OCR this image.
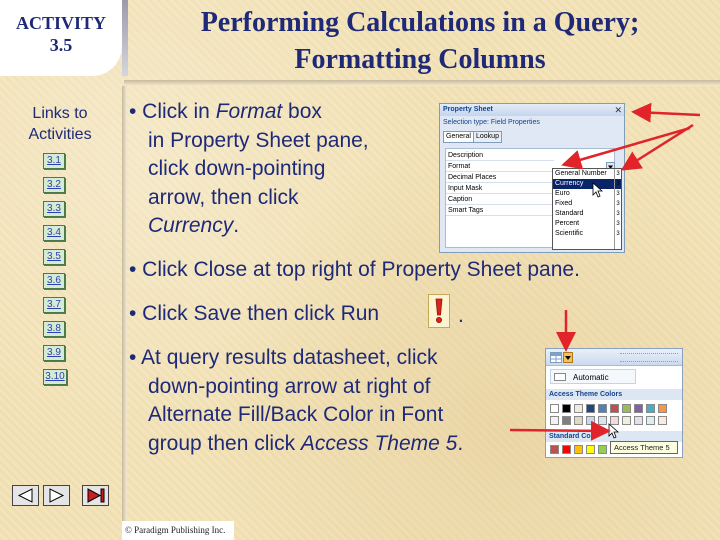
ACTIVITY
3.5
Performing Calculations in a Query;
Formatting Columns
Links to
Activities
3.1
3.2
3.3
3.4
3.5
3.6
3.7
3.8
3.9
3.10
• Click in Format box
in Property Sheet pane,
click down-pointing
arrow, then click
Currency.
• Click Close at top right of Property Sheet pane.
• Click Save then click Run	.
• At query results datasheet, click
down-pointing arrow at right of
Alternate Fill/Back Color in Font
group then click Access Theme 5.
Property Sheet	✕
Selection type: Field Properties
General Lookup
Description
Format
Decimal Places
Input Mask
Caption
Smart Tags
General Number
Currency
Euro
Fixed
Standard
Percent
Scientific
3
3
3
3
3
3
3
Automatic
Access Theme Colors
Standard Co
Access Theme 5
© Paradigm Publishing Inc.
